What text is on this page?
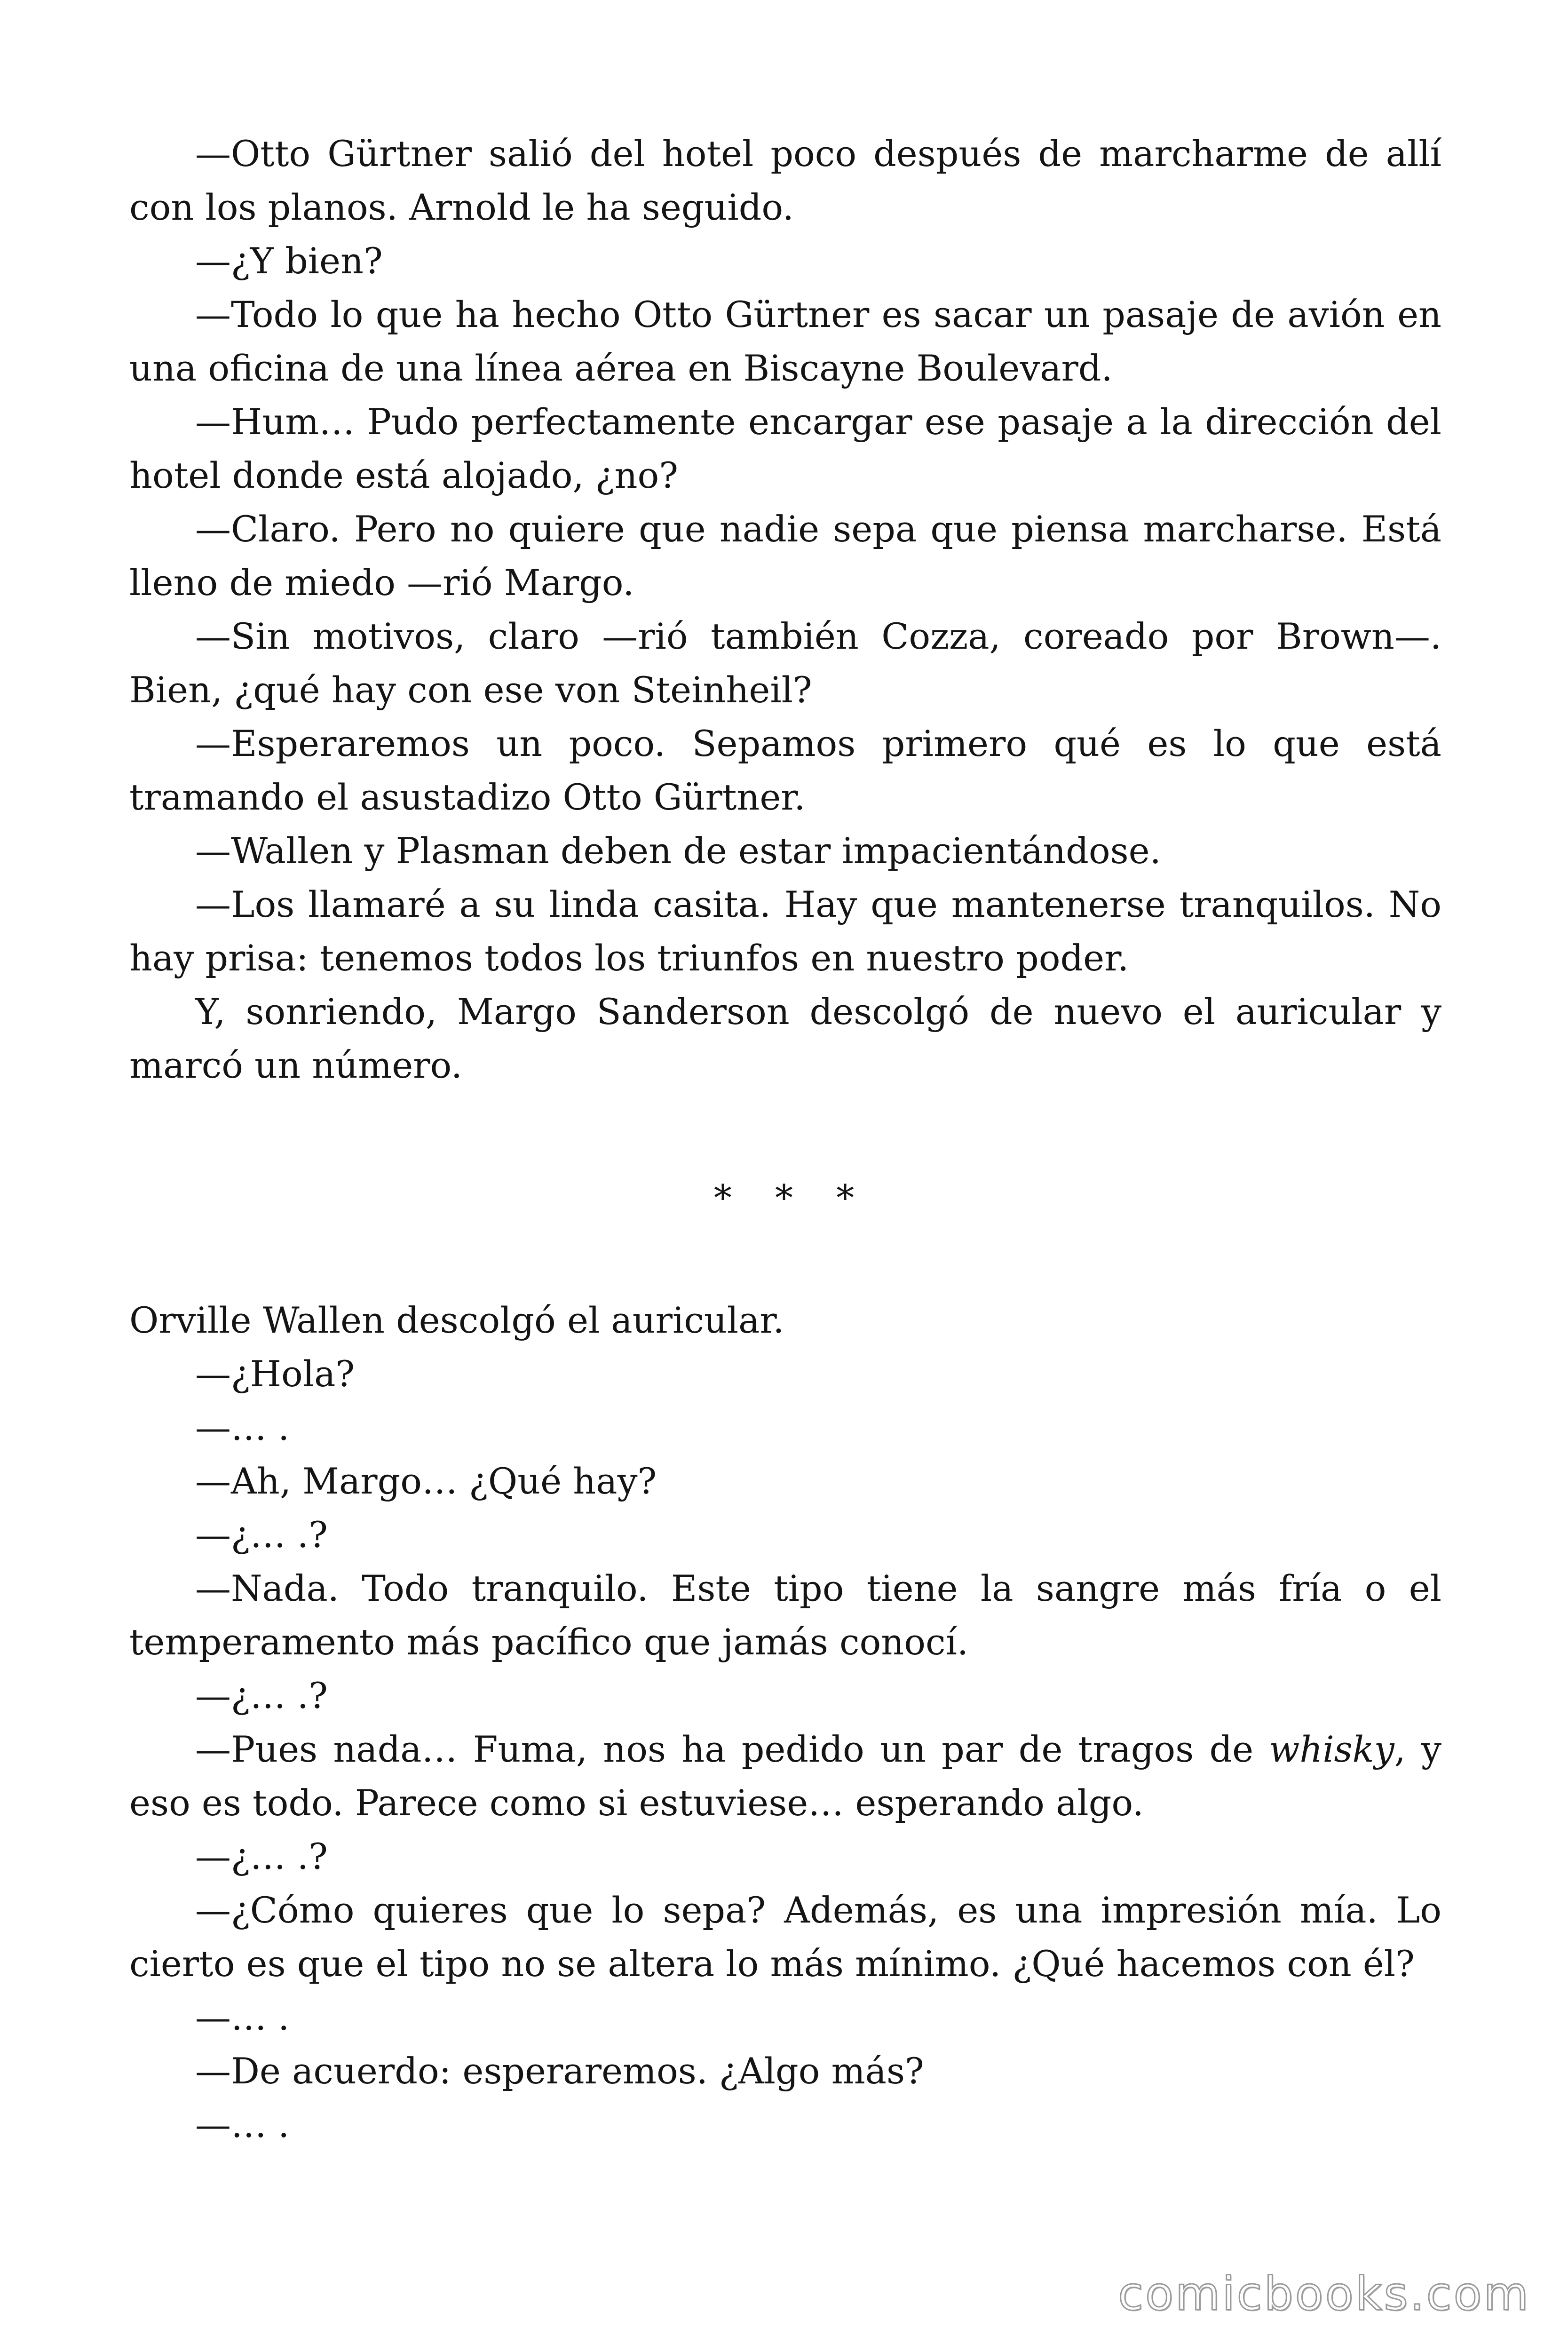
—Otto Gürtner salió del hotel poco después de marcharme de allí con los planos. Arnold le ha seguido.

—¿Y bien?

—Todo lo que ha hecho Otto Gürtner es sacar un pasaje de avión en una oficina de una línea aérea en Biscayne Boulevard.

—Hum… Pudo perfectamente encargar ese pasaje a la dirección del hotel donde está alojado, ¿no?

—Claro. Pero no quiere que nadie sepa que piensa marcharse. Está lleno de miedo —rió Margo.

—Sin motivos, claro —rió también Cozza, coreado por Brown—. Bien, ¿qué hay con ese von Steinheil?

—Esperaremos un poco. Sepamos primero qué es lo que está tramando el asustadizo Otto Gürtner.

—Wallen y Plasman deben de estar impacientándose.

—Los llamaré a su linda casita. Hay que mantenerse tranquilos. No hay prisa: tenemos todos los triunfos en nuestro poder.

Y, sonriendo, Margo Sanderson descolgó de nuevo el auricular y marcó un número.

* * *

Orville Wallen descolgó el auricular.

—¿Hola?

—… .

—Ah, Margo… ¿Qué hay?

—¿… .?

—Nada. Todo tranquilo. Este tipo tiene la sangre más fría o el temperamento más pacífico que jamás conocí.

—¿… .?

—Pues nada… Fuma, nos ha pedido un par de tragos de whisky, y eso es todo. Parece como si estuviese… esperando algo.

—¿… .?

—¿Cómo quieres que lo sepa? Además, es una impresión mía. Lo cierto es que el tipo no se altera lo más mínimo. ¿Qué hacemos con él?

—… .

—De acuerdo: esperaremos. ¿Algo más?

—… .

comicbooks.com
